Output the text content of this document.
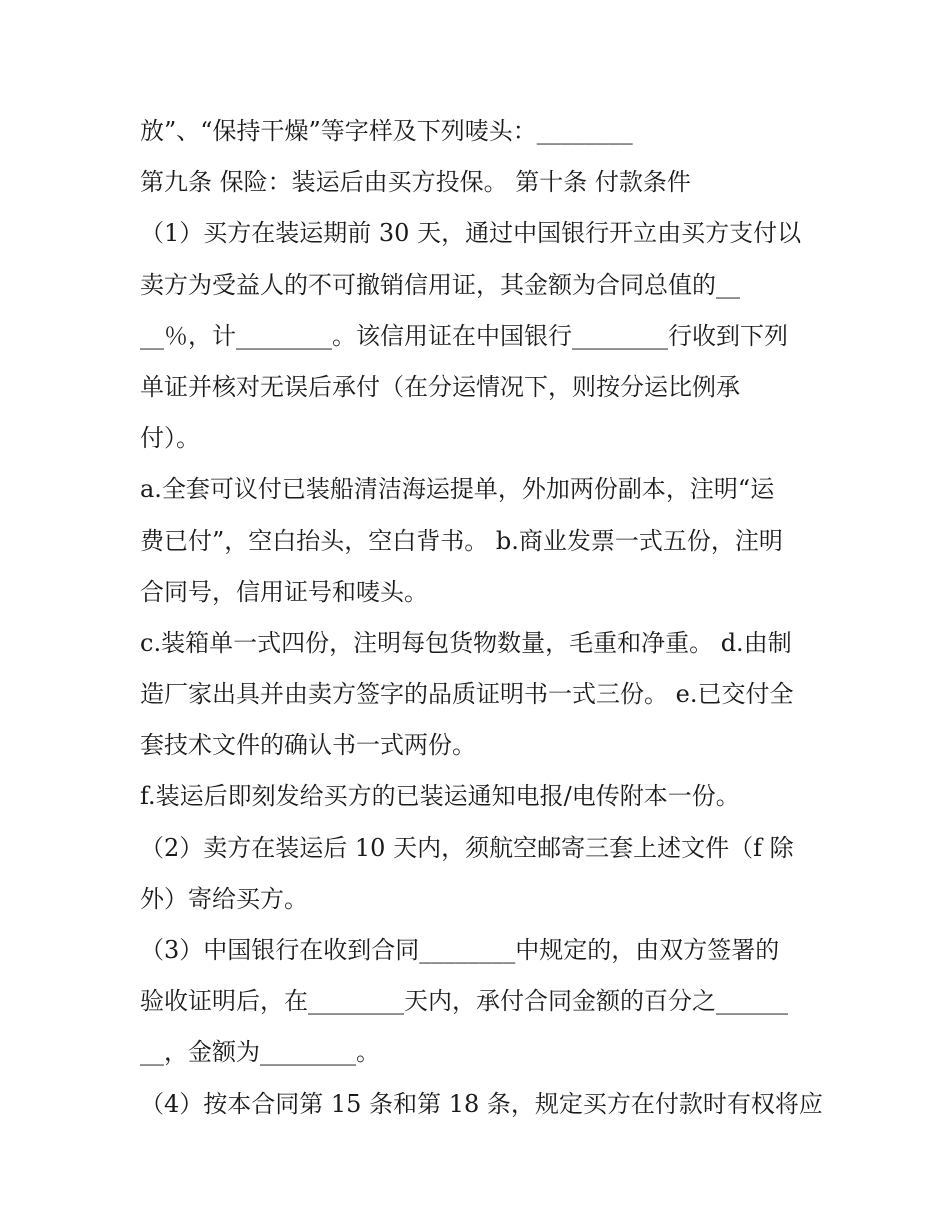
放”、“保持干燥”等字样及下列唛头：________
第九条 保险：装运后由买方投保。 第十条 付款条件
（1）买方在装运期前 30 天，通过中国银行开立由买方支付以
卖方为受益人的不可撤销信用证，其金额为合同总值的__
__％，计________。该信用证在中国银行________行收到下列
单证并核对无误后承付（在分运情况下，则按分运比例承
付）。
a.全套可议付已装船清洁海运提单，外加两份副本，注明“运
费已付”，空白抬头，空白背书。 b.商业发票一式五份，注明
合同号，信用证号和唛头。
c.装箱单一式四份，注明每包货物数量，毛重和净重。 d.由制
造厂家出具并由卖方签字的品质证明书一式三份。 e.已交付全
套技术文件的确认书一式两份。
f.装运后即刻发给买方的已装运通知电报/电传附本一份。
（2）卖方在装运后 10 天内，须航空邮寄三套上述文件（f 除
外）寄给买方。
（3）中国银行在收到合同________中规定的，由双方签署的
验收证明后，在________天内，承付合同金额的百分之______
__，金额为________。
（4）按本合同第 15 条和第 18 条，规定买方在付款时有权将应
